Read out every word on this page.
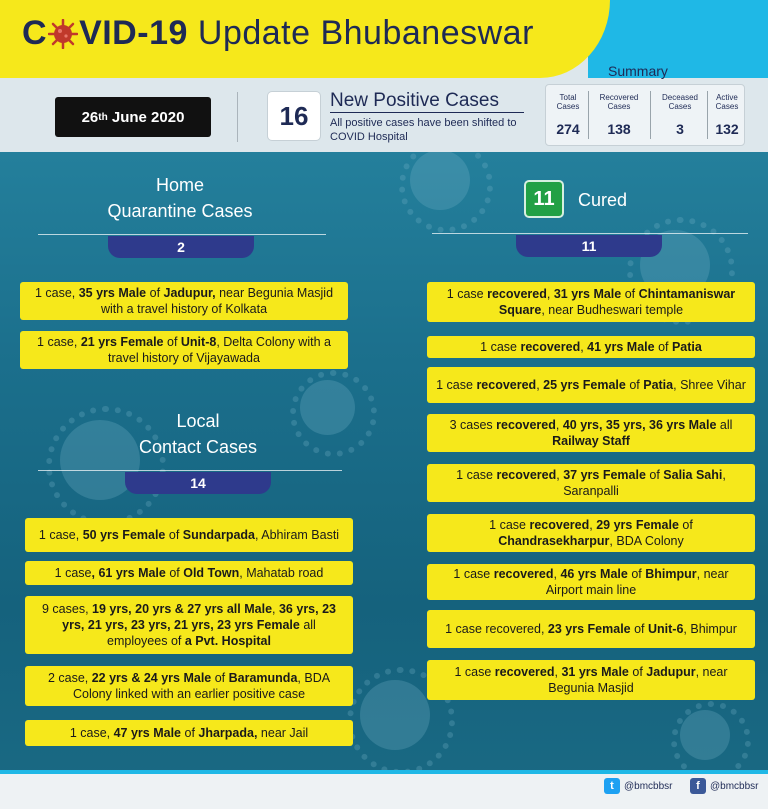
C VID-19 Update Bhubaneswar
26 th
June 2020	16	New Positive Cases
All positive cases have been shifted to COVID Hospital
Summary
Total Cases
274
Recovered Cases
138
Deceased Cases
3
Active Cases
132
Home
Quarantine Cases
2
1 case, 35 yrs Male of Jadupur, near Begunia Masjid with a travel history of Kolkata
1 case, 21 yrs Female of Unit-8, Delta Colony with a travel history of Vijayawada
Local
Contact Cases
14
1 case, 50 yrs Female of Sundarpada, Abhiram Basti
1 case, 61 yrs Male of Old Town, Mahatab road
9 cases, 19 yrs, 20 yrs & 27 yrs all Male, 36 yrs, 23 yrs, 21 yrs, 23 yrs, 21 yrs, 23 yrs Female all employees of a Pvt. Hospital
2 case, 22 yrs & 24 yrs Male of Baramunda, BDA Colony linked with an earlier positive case
1 case, 47 yrs Male of Jharpada, near Jail
11	Cured
11
1 case recovered, 31 yrs Male of Chintamaniswar Square, near Budheswari temple
1 case recovered, 41 yrs Male of Patia
1 case recovered, 25 yrs Female of Patia, Shree Vihar
3 cases recovered, 40 yrs, 35 yrs, 36 yrs Male all Railway Staff
1 case recovered, 37 yrs Female of Salia Sahi, Saranpalli
1 case recovered, 29 yrs Female of Chandrasekharpur, BDA Colony
1 case recovered, 46 yrs Male of Bhimpur, near Airport main line
1 case recovered, 23 yrs Female of Unit-6, Bhimpur
1 case recovered, 31 yrs Male of Jadupur, near Begunia Masjid
t	@bmcbbsr	f	@bmcbbsr
